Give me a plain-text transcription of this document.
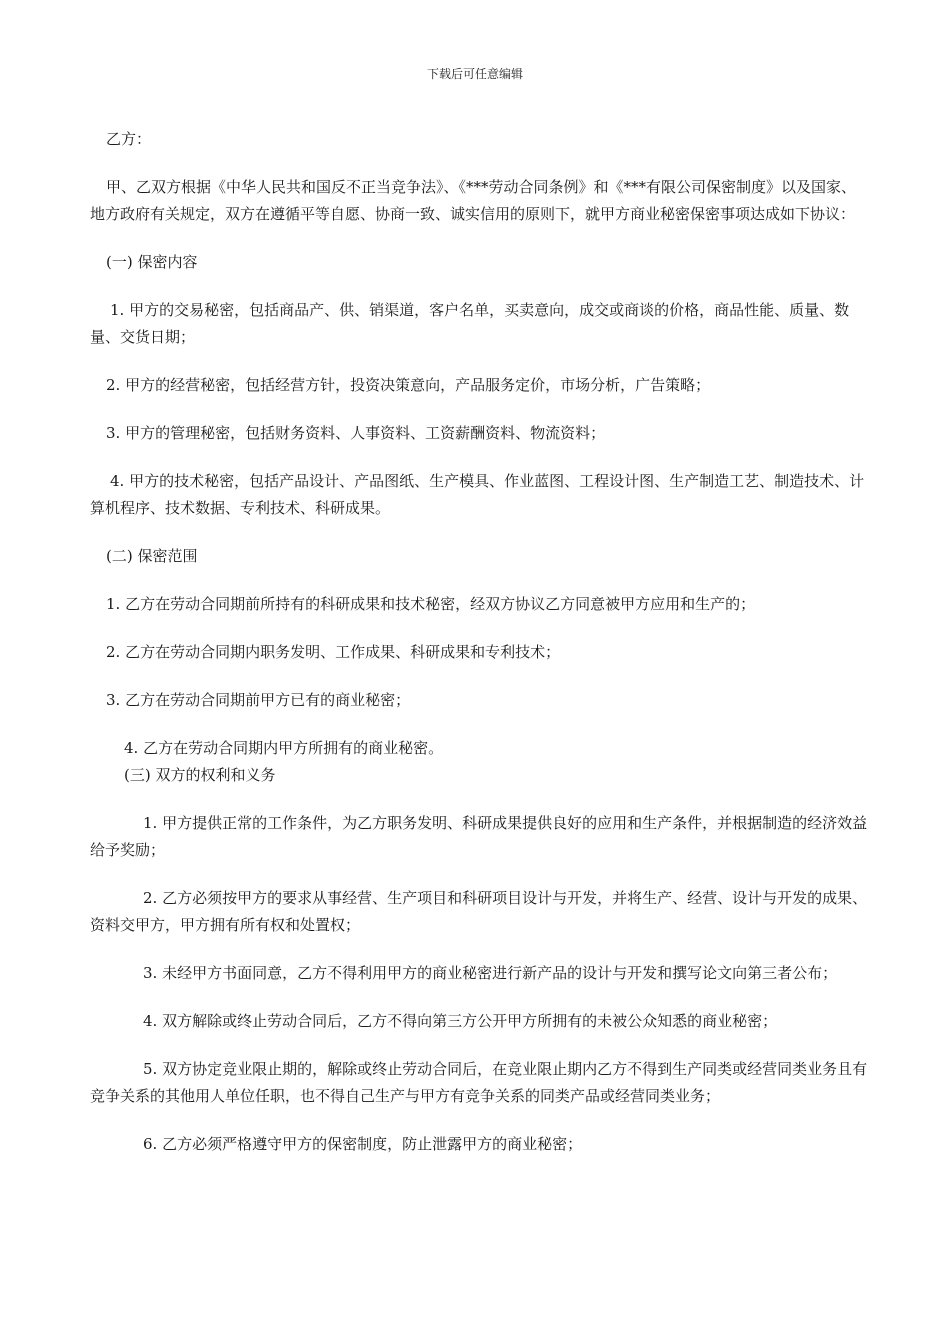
下载后可任意编辑

乙方：

甲、乙双方根据《中华人民共和国反不正当竞争法》、《***劳动合同条例》和《***有限公司保密制度》以及国家、地方政府有关规定，双方在遵循平等自愿、协商一致、诚实信用的原则下，就甲方商业秘密保密事项达成如下协议：

(一) 保密内容

1. 甲方的交易秘密，包括商品产、供、销渠道，客户名单，买卖意向，成交或商谈的价格，商品性能、质量、数量、交货日期；

2. 甲方的经营秘密，包括经营方针，投资决策意向，产品服务定价，市场分析，广告策略；

3. 甲方的管理秘密，包括财务资料、人事资料、工资薪酬资料、物流资料；

4. 甲方的技术秘密，包括产品设计、产品图纸、生产模具、作业蓝图、工程设计图、生产制造工艺、制造技术、计算机程序、技术数据、专利技术、科研成果。

(二) 保密范围

1. 乙方在劳动合同期前所持有的科研成果和技术秘密，经双方协议乙方同意被甲方应用和生产的；

2. 乙方在劳动合同期内职务发明、工作成果、科研成果和专利技术；

3. 乙方在劳动合同期前甲方已有的商业秘密；

4. 乙方在劳动合同期内甲方所拥有的商业秘密。

(三) 双方的权利和义务

1. 甲方提供正常的工作条件，为乙方职务发明、科研成果提供良好的应用和生产条件，并根据制造的经济效益给予奖励；

2. 乙方必须按甲方的要求从事经营、生产项目和科研项目设计与开发，并将生产、经营、设计与开发的成果、资料交甲方，甲方拥有所有权和处置权；

3. 未经甲方书面同意，乙方不得利用甲方的商业秘密进行新产品的设计与开发和撰写论文向第三者公布；

4. 双方解除或终止劳动合同后，乙方不得向第三方公开甲方所拥有的未被公众知悉的商业秘密；

5. 双方协定竞业限止期的，解除或终止劳动合同后，在竞业限止期内乙方不得到生产同类或经营同类业务且有竞争关系的其他用人单位任职，也不得自己生产与甲方有竞争关系的同类产品或经营同类业务；

6. 乙方必须严格遵守甲方的保密制度，防止泄露甲方的商业秘密；
